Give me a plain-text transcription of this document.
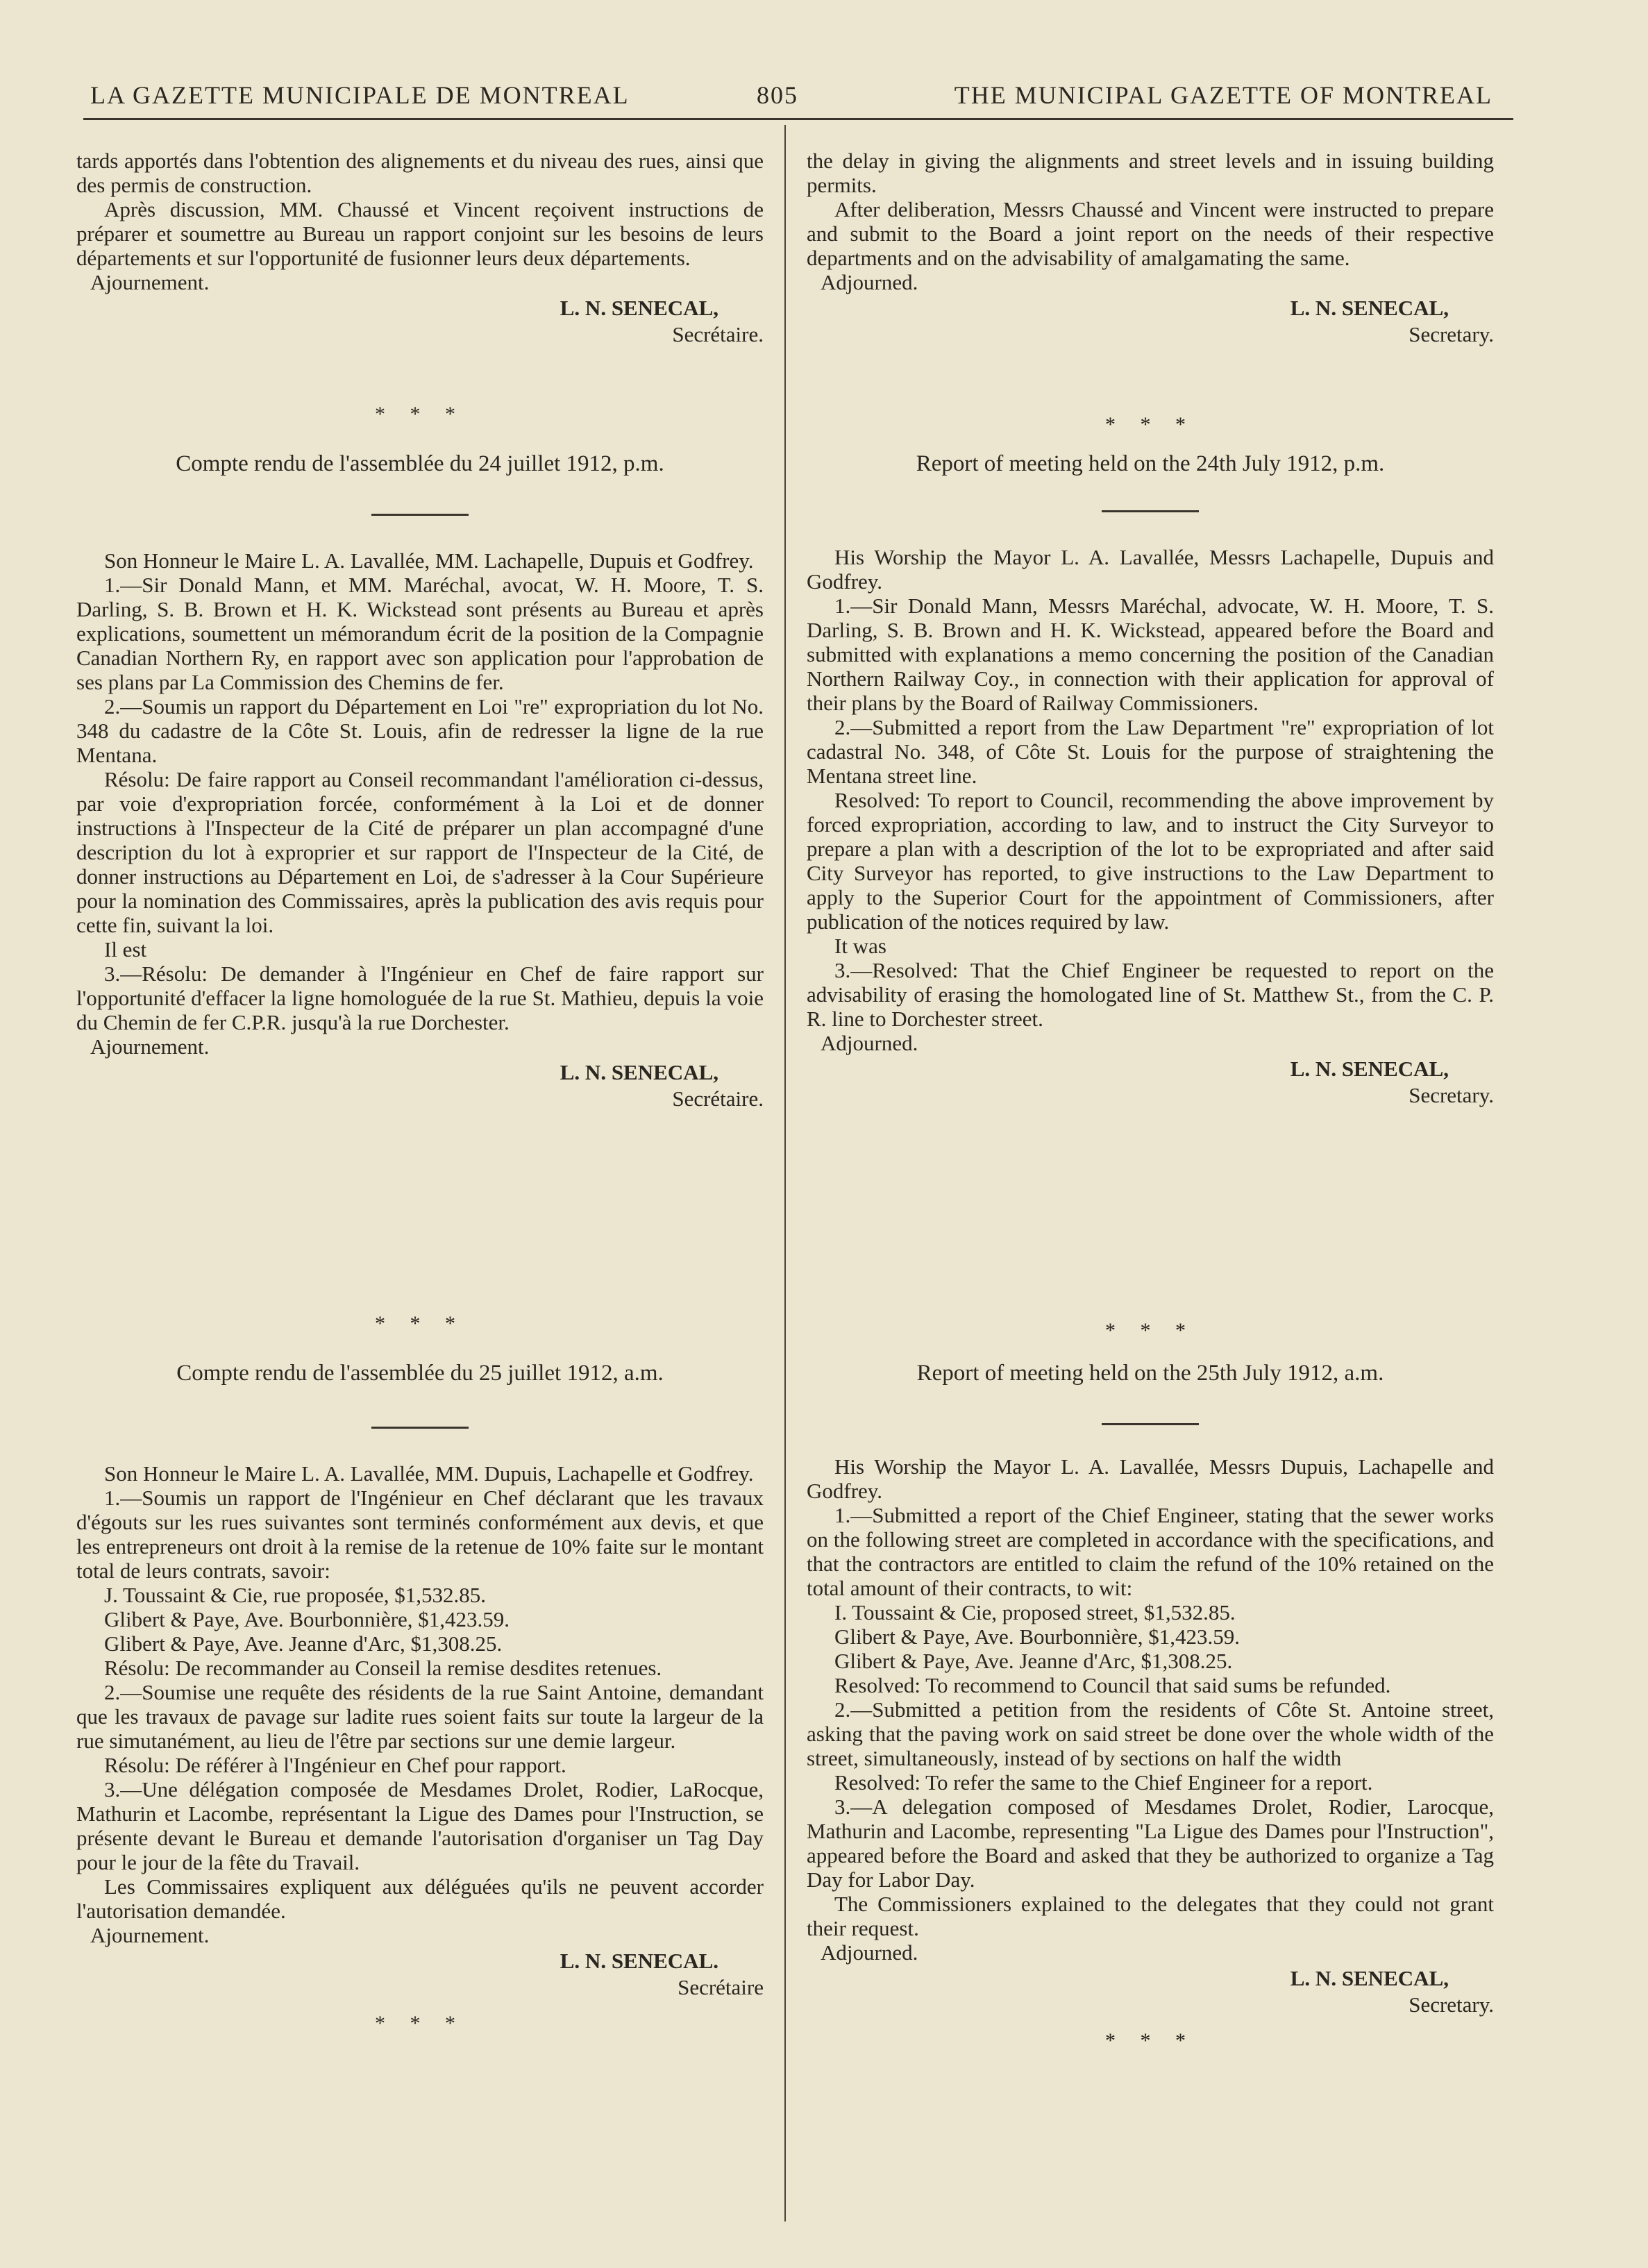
LA GAZETTE MUNICIPALE DE MONTREAL	805	THE MUNICIPAL GAZETTE OF MONTREAL

tards apportés dans l'obtention des alignements et du niveau des rues, ainsi que des permis de construction.

Après discussion, MM. Chaussé et Vincent reçoivent instructions de préparer et soumettre au Bureau un rapport conjoint sur les besoins de leurs départements et sur l'opportunité de fusionner leurs deux départements.

Ajournement.

L. N. SENECAL,

Secrétaire.

* * *

Compte rendu de l'assemblée du 24 juillet 1912, p.m.

Son Honneur le Maire L. A. Lavallée, MM. Lachapelle, Dupuis et Godfrey.

1.—Sir Donald Mann, et MM. Maréchal, avocat, W. H. Moore, T. S. Darling, S. B. Brown et H. K. Wickstead sont présents au Bureau et après explications, soumettent un mémorandum écrit de la position de la Compagnie Canadian Northern Ry, en rapport avec son application pour l'approbation de ses plans par La Commission des Chemins de fer.

2.—Soumis un rapport du Département en Loi "re" expropriation du lot No. 348 du cadastre de la Côte St. Louis, afin de redresser la ligne de la rue Mentana.

Résolu: De faire rapport au Conseil recommandant l'amélioration ci-dessus, par voie d'expropriation forcée, conformément à la Loi et de donner instructions à l'Inspecteur de la Cité de préparer un plan accompagné d'une description du lot à exproprier et sur rapport de l'Inspecteur de la Cité, de donner instructions au Département en Loi, de s'adresser à la Cour Supérieure pour la nomination des Commissaires, après la publication des avis requis pour cette fin, suivant la loi.

Il est

3.—Résolu: De demander à l'Ingénieur en Chef de faire rapport sur l'opportunité d'effacer la ligne homologuée de la rue St. Mathieu, depuis la voie du Chemin de fer C.P.R. jusqu'à la rue Dorchester.

Ajournement.

L. N. SENECAL,

Secrétaire.

* * *

Compte rendu de l'assemblée du 25 juillet 1912, a.m.

Son Honneur le Maire L. A. Lavallée, MM. Dupuis, Lachapelle et Godfrey.

1.—Soumis un rapport de l'Ingénieur en Chef déclarant que les travaux d'égouts sur les rues suivantes sont terminés conformément aux devis, et que les entrepreneurs ont droit à la remise de la retenue de 10% faite sur le montant total de leurs contrats, savoir:

J. Toussaint & Cie, rue proposée, $1,532.85.

Glibert & Paye, Ave. Bourbonnière, $1,423.59.

Glibert & Paye, Ave. Jeanne d'Arc, $1,308.25.

Résolu: De recommander au Conseil la remise desdites retenues.

2.—Soumise une requête des résidents de la rue Saint Antoine, demandant que les travaux de pavage sur ladite rues soient faits sur toute la largeur de la rue simutanément, au lieu de l'être par sections sur une demie largeur.

Résolu: De référer à l'Ingénieur en Chef pour rapport.

3.—Une délégation composée de Mesdames Drolet, Rodier, LaRocque, Mathurin et Lacombe, représentant la Ligue des Dames pour l'Instruction, se présente devant le Bureau et demande l'autorisation d'organiser un Tag Day pour le jour de la fête du Travail.

Les Commissaires expliquent aux déléguées qu'ils ne peuvent accorder l'autorisation demandée.

Ajournement.

L. N. SENECAL.

Secrétaire

* * *

the delay in giving the alignments and street levels and in issuing building permits.

After deliberation, Messrs Chaussé and Vincent were instructed to prepare and submit to the Board a joint report on the needs of their respective departments and on the advisability of amalgamating the same.

Adjourned.

L. N. SENECAL,

Secretary.

* * *

Report of meeting held on the 24th July 1912, p.m.

His Worship the Mayor L. A. Lavallée, Messrs Lachapelle, Dupuis and Godfrey.

1.—Sir Donald Mann, Messrs Maréchal, advocate, W. H. Moore, T. S. Darling, S. B. Brown and H. K. Wickstead, appeared before the Board and submitted with explanations a memo concerning the position of the Canadian Northern Railway Coy., in connection with their application for approval of their plans by the Board of Railway Commissioners.

2.—Submitted a report from the Law Department "re" expropriation of lot cadastral No. 348, of Côte St. Louis for the purpose of straightening the Mentana street line.

Resolved: To report to Council, recommending the above improvement by forced expropriation, according to law, and to instruct the City Surveyor to prepare a plan with a description of the lot to be expropriated and after said City Surveyor has reported, to give instructions to the Law Department to apply to the Superior Court for the appointment of Commissioners, after publication of the notices required by law.

It was

3.—Resolved: That the Chief Engineer be requested to report on the advisability of erasing the homologated line of St. Matthew St., from the C. P. R. line to Dorchester street.

Adjourned.

L. N. SENECAL,

Secretary.

* * *

Report of meeting held on the 25th July 1912, a.m.

His Worship the Mayor L. A. Lavallée, Messrs Dupuis, Lachapelle and Godfrey.

1.—Submitted a report of the Chief Engineer, stating that the sewer works on the following street are completed in accordance with the specifications, and that the contractors are entitled to claim the refund of the 10% retained on the total amount of their contracts, to wit:

I. Toussaint & Cie, proposed street, $1,532.85.

Glibert & Paye, Ave. Bourbonnière, $1,423.59.

Glibert & Paye, Ave. Jeanne d'Arc, $1,308.25.

Resolved: To recommend to Council that said sums be refunded.

2.—Submitted a petition from the residents of Côte St. Antoine street, asking that the paving work on said street be done over the whole width of the street, simultaneously, instead of by sections on half the width

Resolved: To refer the same to the Chief Engineer for a report.

3.—A delegation composed of Mesdames Drolet, Rodier, Larocque, Mathurin and Lacombe, representing "La Ligue des Dames pour l'Instruction", appeared before the Board and asked that they be authorized to organize a Tag Day for Labor Day.

The Commissioners explained to the delegates that they could not grant their request.

Adjourned.

L. N. SENECAL,

Secretary.

* * *
